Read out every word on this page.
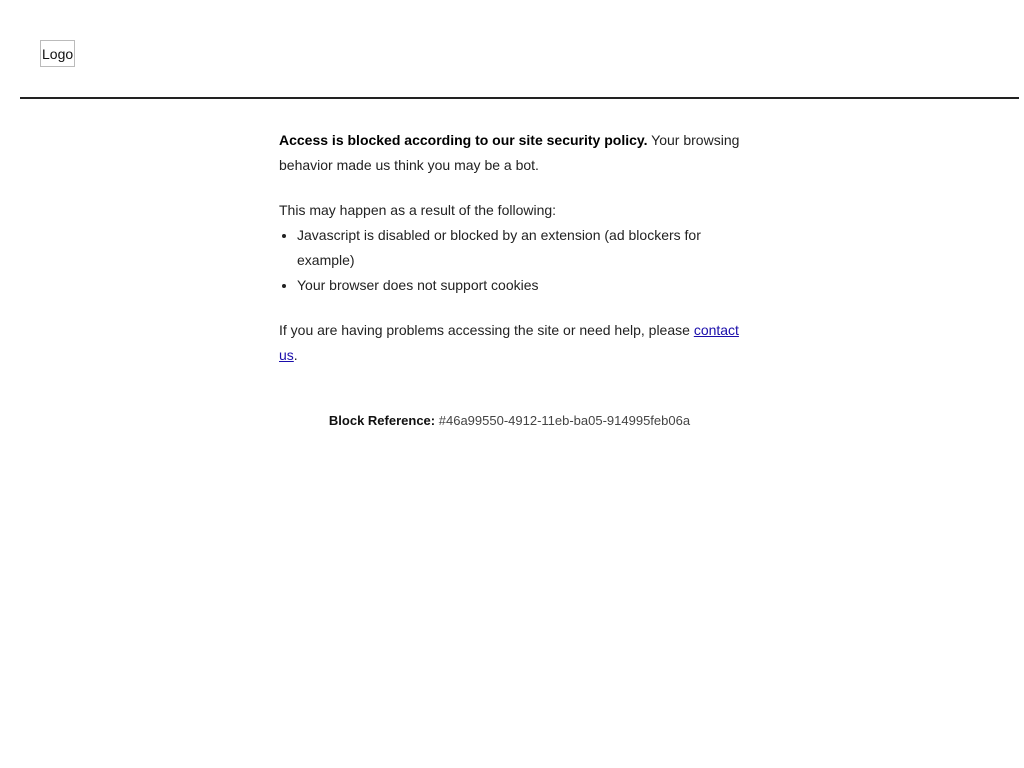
Logo

Access is blocked according to our site security policy. Your browsing behavior made us think you may be a bot.

This may happen as a result of the following:

• Javascript is disabled or blocked by an extension (ad blockers for example)
• Your browser does not support cookies

If you are having problems accessing the site or need help, please contact us.

Block Reference: #46a99550-4912-11eb-ba05-914995feb06a
